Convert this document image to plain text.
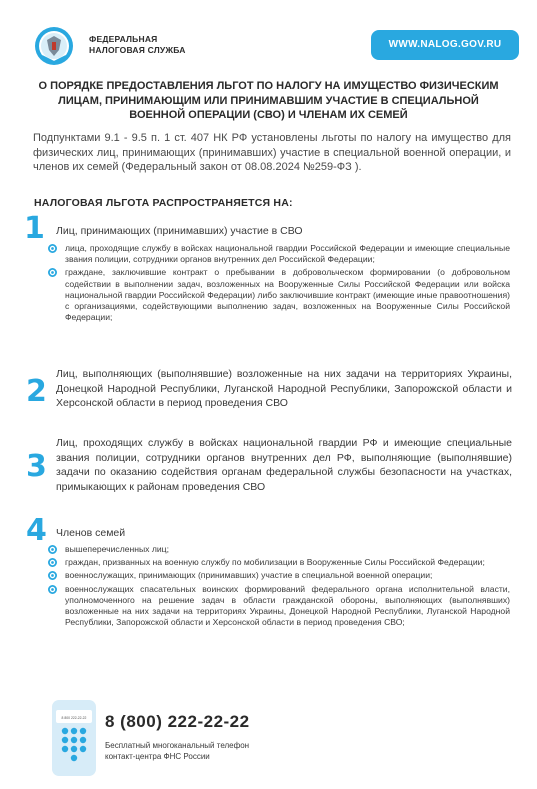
ФЕДЕРАЛЬНАЯ
НАЛОГОВАЯ СЛУЖБА	WWW.NALOG.GOV.RU
О ПОРЯДКЕ ПРЕДОСТАВЛЕНИЯ ЛЬГОТ ПО НАЛОГУ НА ИМУЩЕСТВО ФИЗИЧЕСКИМ ЛИЦАМ, ПРИНИМАЮЩИМ ИЛИ ПРИНИМАВШИМ УЧАСТИЕ В СПЕЦИАЛЬНОЙ ВОЕННОЙ ОПЕРАЦИИ (СВО) И ЧЛЕНАМ ИХ СЕМЕЙ
Подпунктами 9.1 - 9.5 п. 1 ст. 407 НК РФ установлены льготы по налогу на имущество для физических лиц, принимающих (принимавших) участие в специальной военной операции, и членов их семей (Федеральный закон от 08.08.2024 №259-ФЗ ).
НАЛОГОВАЯ ЛЬГОТА РАСПРОСТРАНЯЕТСЯ НА:
1 Лиц, принимающих (принимавших) участие в СВО
лица, проходящие службу в войсках национальной гвардии Российской Федерации и имеющие специальные звания полиции, сотрудники органов внутренних дел Российской Федерации;
граждане, заключившие контракт о пребывании в добровольческом формировании (о добровольном содействии в выполнении задач, возложенных на Вооруженные Силы Российской Федерации или войска национальной гвардии Российской Федерации) либо заключившие контракт (имеющие иные правоотношения) с организациями, содействующими выполнению задач, возложенных на Вооруженные Силы Российской Федерации;
2 Лиц, выполняющих (выполнявшие) возложенные на них задачи на территориях Украины, Донецкой Народной Республики, Луганской Народной Республики, Запорожской области и Херсонской области в период проведения СВО
3
Лиц, проходящих службу в войсках национальной гвардии РФ и имеющие специальные звания полиции, сотрудники органов внутренних дел РФ, выполняющие (выполнявшие) задачи по оказанию содействия органам федеральной службы безопасности на участках, примыкающих к районам проведения СВО
4 Членов семей
вышеперечисленных лиц;
граждан, призванных на военную службу по мобилизации в Вооруженные Силы Российской Федерации;
военнослужащих, принимающих (принимавших) участие в специальной военной операции;
военнослужащих спасательных воинских формирований федерального органа исполнительной власти, уполномоченного на решение задач в области гражданской обороны, выполняющих (выполнявших) возложенные на них задачи на территориях Украины, Донецкой Народной Республики, Луганской Народной Республики, Запорожской области и Херсонской области в период проведения СВО;
8 800 222-22-22 8 (800) 222-22-22
Бесплатный многоканальный телефон
контакт-центра ФНС России
